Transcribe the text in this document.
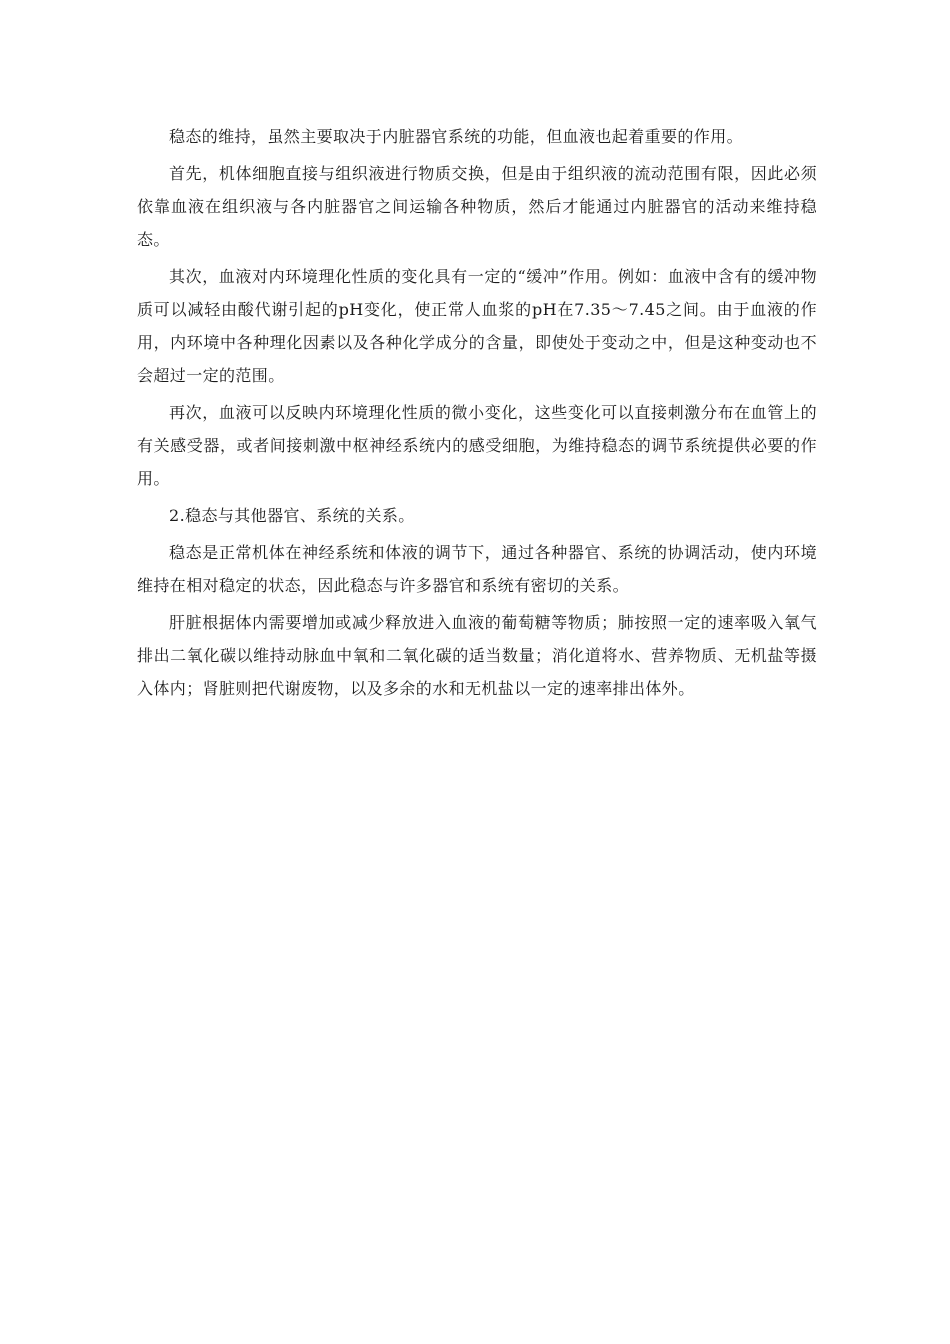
稳态的维持，虽然主要取决于内脏器官系统的功能，但血液也起着重要的作用。

首先，机体细胞直接与组织液进行物质交换，但是由于组织液的流动范围有限，因此必须依靠血液在组织液与各内脏器官之间运输各种物质，然后才能通过内脏器官的活动来维持稳态。

其次，血液对内环境理化性质的变化具有一定的“缓冲”作用。例如：血液中含有的缓冲物质可以减轻由酸代谢引起的pH变化，使正常人血浆的pH在7.35～7.45之间。由于血液的作用，内环境中各种理化因素以及各种化学成分的含量，即使处于变动之中，但是这种变动也不会超过一定的范围。

再次，血液可以反映内环境理化性质的微小变化，这些变化可以直接刺激分布在血管上的有关感受器，或者间接刺激中枢神经系统内的感受细胞，为维持稳态的调节系统提供必要的作用。

2.稳态与其他器官、系统的关系。

稳态是正常机体在神经系统和体液的调节下，通过各种器官、系统的协调活动，使内环境维持在相对稳定的状态，因此稳态与许多器官和系统有密切的关系。

肝脏根据体内需要增加或减少释放进入血液的葡萄糖等物质；肺按照一定的速率吸入氧气排出二氧化碳以维持动脉血中氧和二氧化碳的适当数量；消化道将水、营养物质、无机盐等摄入体内；肾脏则把代谢废物，以及多余的水和无机盐以一定的速率排出体外。
